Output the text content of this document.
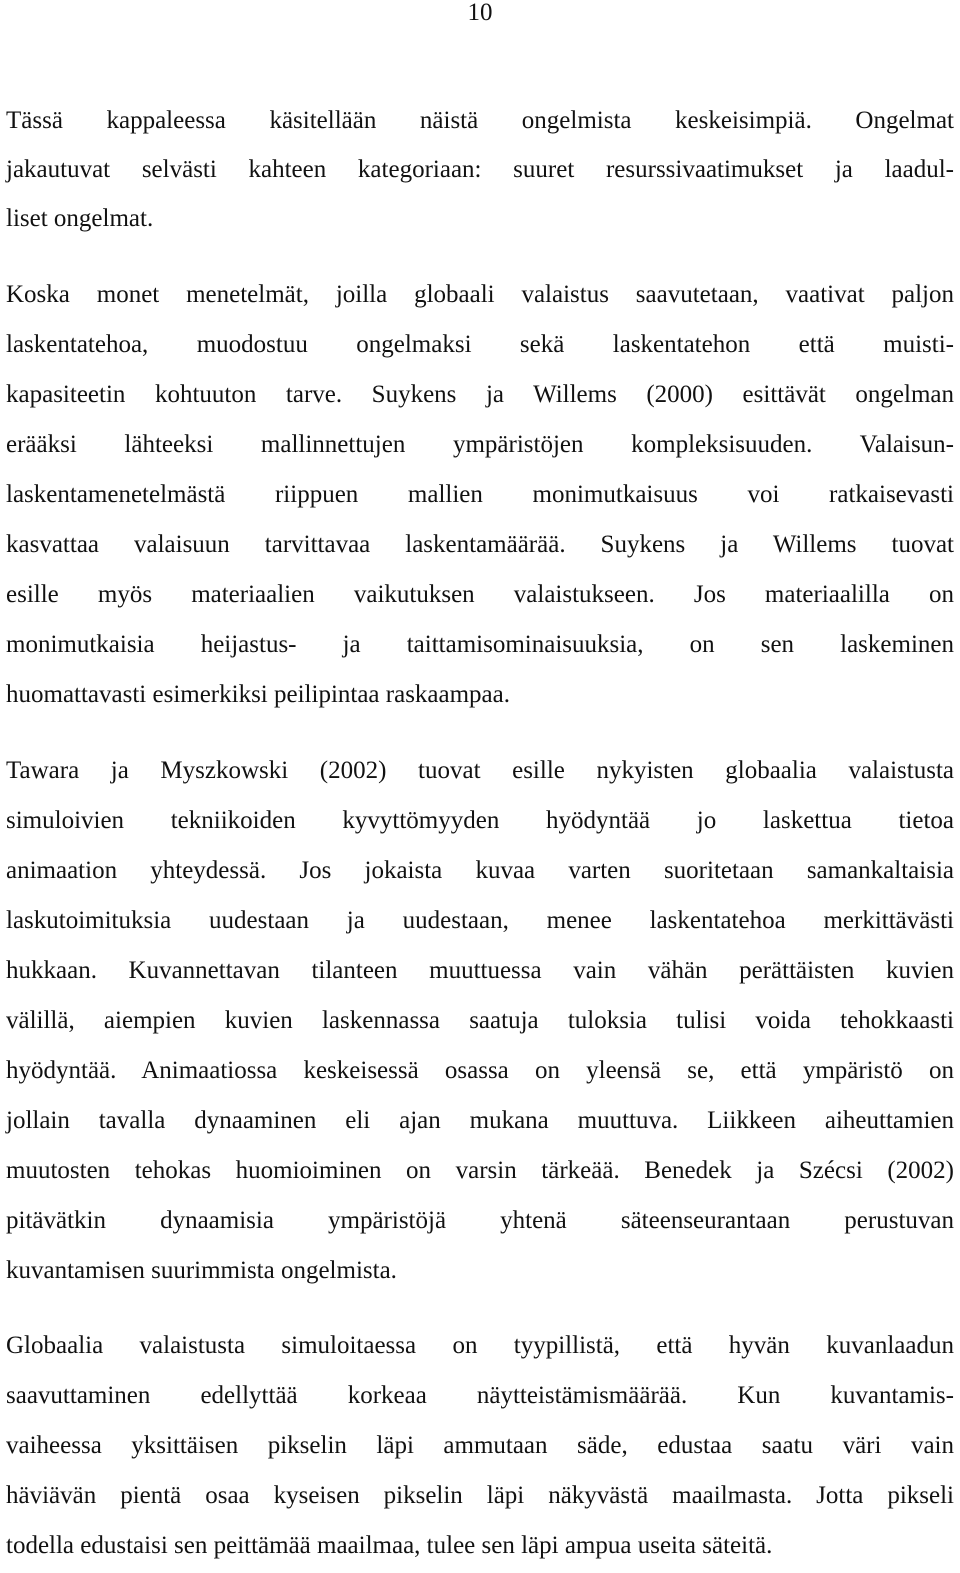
10

Tässä kappaleessa käsitellään näistä ongelmista keskeisimpiä. Ongelmat
jakautuvat selvästi kahteen kategoriaan: suuret resurssivaatimukset ja laadul-
liset ongelmat.

Koska monet menetelmät, joilla globaali valaistus saavutetaan, vaativat paljon
laskentatehoa, muodostuu ongelmaksi sekä laskentatehon että muisti-
kapasiteetin kohtuuton tarve. Suykens ja Willems (2000) esittävät ongelman
erääksi lähteeksi mallinnettujen ympäristöjen kompleksisuuden. Valaisun-
laskentamenetelmästä riippuen mallien monimutkaisuus voi ratkaisevasti
kasvattaa valaisuun tarvittavaa laskentamäärää. Suykens ja Willems tuovat
esille myös materiaalien vaikutuksen valaistukseen. Jos materiaalilla on
monimutkaisia heijastus- ja taittamisominaisuuksia, on sen laskeminen
huomattavasti esimerkiksi peilipintaa raskaampaa.

Tawara ja Myszkowski (2002) tuovat esille nykyisten globaalia valaistusta
simuloivien tekniikoiden kyvyttömyyden hyödyntää jo laskettua tietoa
animaation yhteydessä. Jos jokaista kuvaa varten suoritetaan samankaltaisia
laskutoimituksia uudestaan ja uudestaan, menee laskentatehoa merkittävästi
hukkaan. Kuvannettavan tilanteen muuttuessa vain vähän perättäisten kuvien
välillä, aiempien kuvien laskennassa saatuja tuloksia tulisi voida tehokkaasti
hyödyntää. Animaatiossa keskeisessä osassa on yleensä se, että ympäristö on
jollain tavalla dynaaminen eli ajan mukana muuttuva. Liikkeen aiheuttamien
muutosten tehokas huomioiminen on varsin tärkeää. Benedek ja Szécsi (2002)
pitävätkin dynaamisia ympäristöjä yhtenä säteenseurantaan perustuvan
kuvantamisen suurimmista ongelmista.

Globaalia valaistusta simuloitaessa on tyypillistä, että hyvän kuvanlaadun
saavuttaminen edellyttää korkeaa näytteistämismäärää. Kun kuvantamis-
vaiheessa yksittäisen pikselin läpi ammutaan säde, edustaa saatu väri vain
häviävän pientä osaa kyseisen pikselin läpi näkyvästä maailmasta. Jotta pikseli
todella edustaisi sen peittämää maailmaa, tulee sen läpi ampua useita säteitä.
